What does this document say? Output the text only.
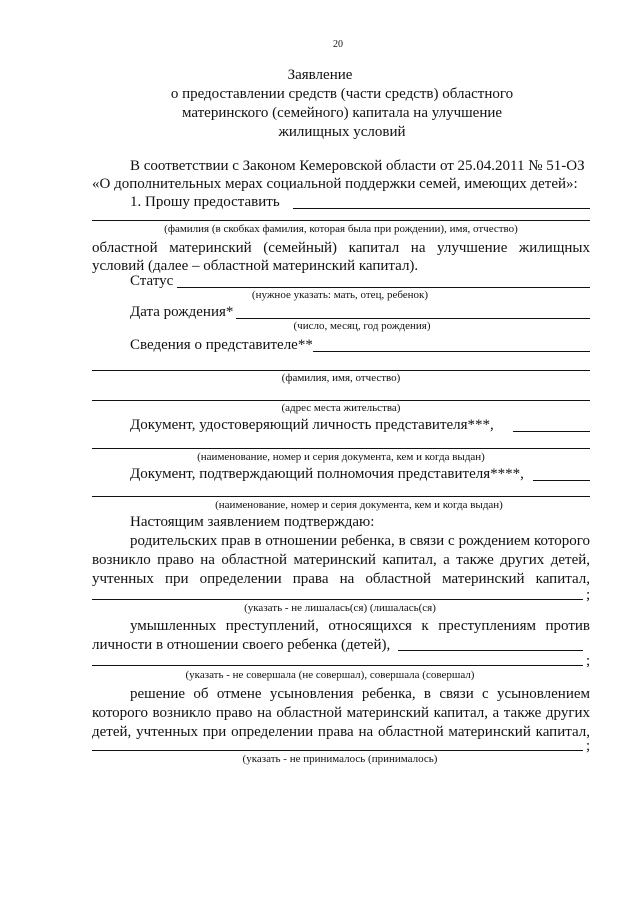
20
Заявление
о предоставлении средств (части средств) областного
материнского (семейного) капитала на улучшение
жилищных условий
В соответствии с Законом Кемеровской области от 25.04.2011 № 51-ОЗ
«О дополнительных мерах социальной поддержки семей, имеющих детей»:
1. Прошу предоставить
(фамилия (в скобках фамилия, которая была при рождении), имя, отчество)
областной материнский (семейный) капитал на улучшение жилищных
условий (далее – областной материнский капитал).
Статус
(нужное указать: мать, отец, ребенок)
Дата рождения*
(число, месяц, год рождения)
Сведения о представителе**
(фамилия, имя, отчество)
(адрес места жительства)
Документ, удостоверяющий личность представителя***,
(наименование, номер и серия документа, кем и когда выдан)
Документ, подтверждающий полномочия представителя****,
(наименование, номер и серия документа, кем и когда выдан)
Настоящим заявлением подтверждаю:
родительских прав в отношении ребенка, в связи с рождением которого
возникло право на областной материнский капитал, а также других детей,
учтенных при определении права на областной материнский капитал,
;
(указать - не лишалась(ся) (лишалась(ся)
умышленных преступлений, относящихся к преступлениям против
личности в отношении своего ребенка (детей),
;
(указать - не совершала (не совершал), совершала (совершал)
решение об отмене усыновления ребенка, в связи с усыновлением
которого возникло право на областной материнский капитал, а также других
детей, учтенных при определении права на областной материнский капитал,
;
(указать - не принималось (принималось)
